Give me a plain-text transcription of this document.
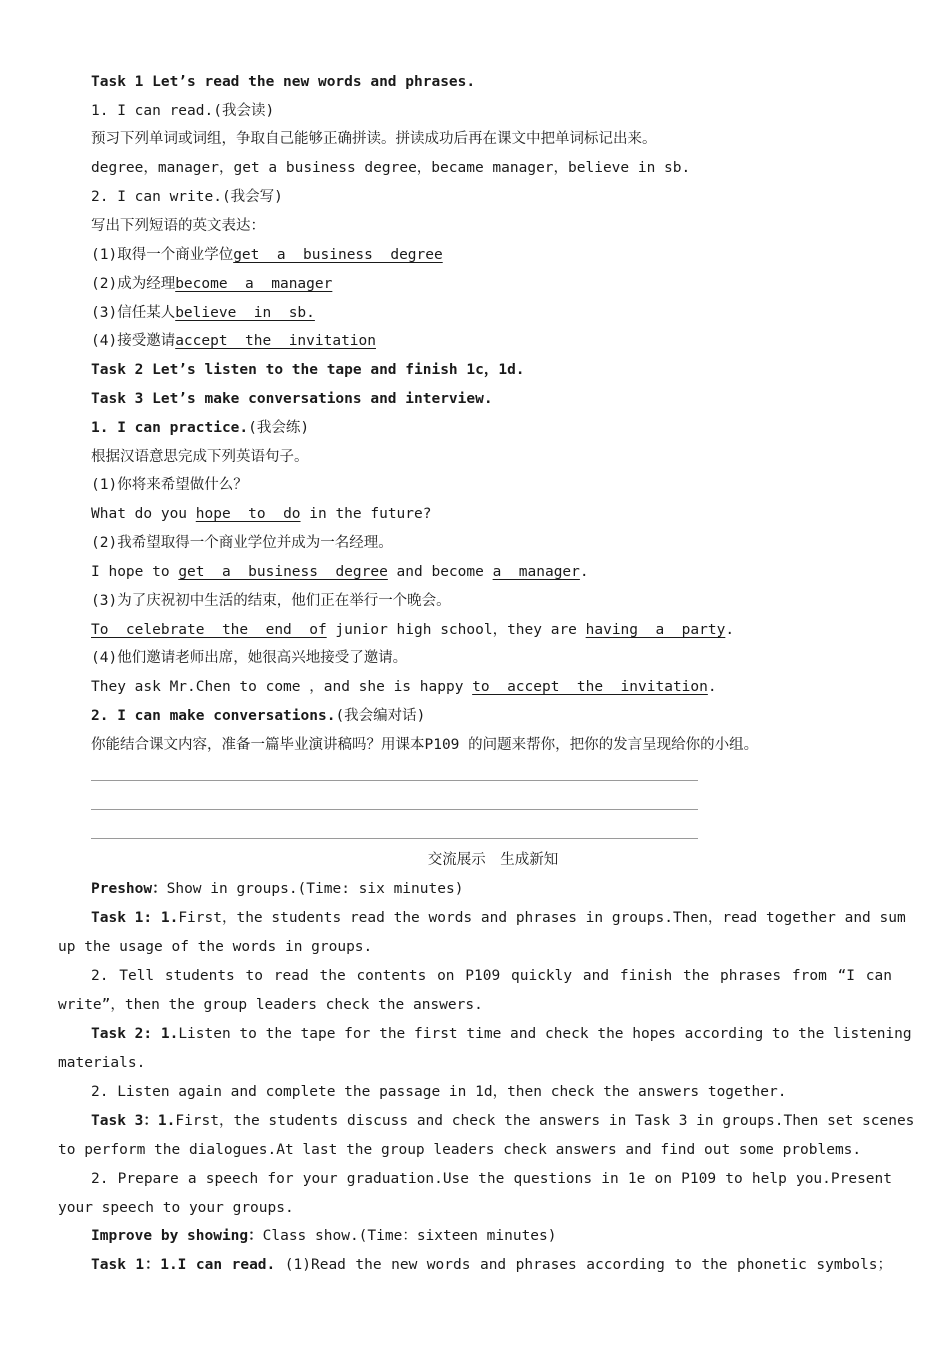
Task 1 Let’s read the new words and phrases.
1. I can read.(我会读)
预习下列单词或词组，争取自己能够正确拼读。拼读成功后再在课文中把单词标记出来。
degree，manager，get a business degree，became manager，believe in sb.
2. I can write.(我会写)
写出下列短语的英文表达：
(1)取得一个商业学位get  a  business  degree
(2)成为经理become  a  manager
(3)信任某人believe  in  sb.
(4)接受邀请accept  the  invitation
Task 2 Let’s listen to the tape and finish 1c，1d.
Task 3 Let’s make conversations and interview.
1. I can practice.(我会练)
根据汉语意思完成下列英语句子。
(1)你将来希望做什么？
What do you hope  to  do in the future?
(2)我希望取得一个商业学位并成为一名经理。
I hope to get  a  business  degree and become a  manager.
(3)为了庆祝初中生活的结束，他们正在举行一个晚会。
To  celebrate  the  end  of junior high school，they are having  a  party.
(4)他们邀请老师出席，她很高兴地接受了邀请。
They ask Mr.Chen to come ，and she is happy to  accept  the  invitation.
2. I can make conversations.(我会编对话)
你能结合课文内容，准备一篇毕业演讲稿吗？用课本P109 的问题来帮你，把你的发言呈现给你的小组。
交流展示　生成新知
Preshow：Show in groups.(Time: six minutes)
Task 1: 1.First，the students read the words and phrases in groups.Then，read together and sum
up the usage of the words in groups.
2. Tell students to read the contents on P109 quickly and finish the phrases from “I can
write”，then the group leaders check the answers.
Task 2: 1.Listen to the tape for the first time and check the hopes according to the listening
materials.
2. Listen again and complete the passage in 1d，then check the answers together.
Task 3：1.First，the students discuss and check the answers in Task 3 in groups.Then set scenes
to perform the dialogues.At last the group leaders check answers and find out some problems.
2. Prepare a speech for your graduation.Use the questions in 1e on P109 to help you.Present
your speech to your groups.
Improve by showing：Class show.(Time：sixteen minutes)
Task 1：1.I can read. (1)Read the new words and phrases according to the phonetic symbols；
